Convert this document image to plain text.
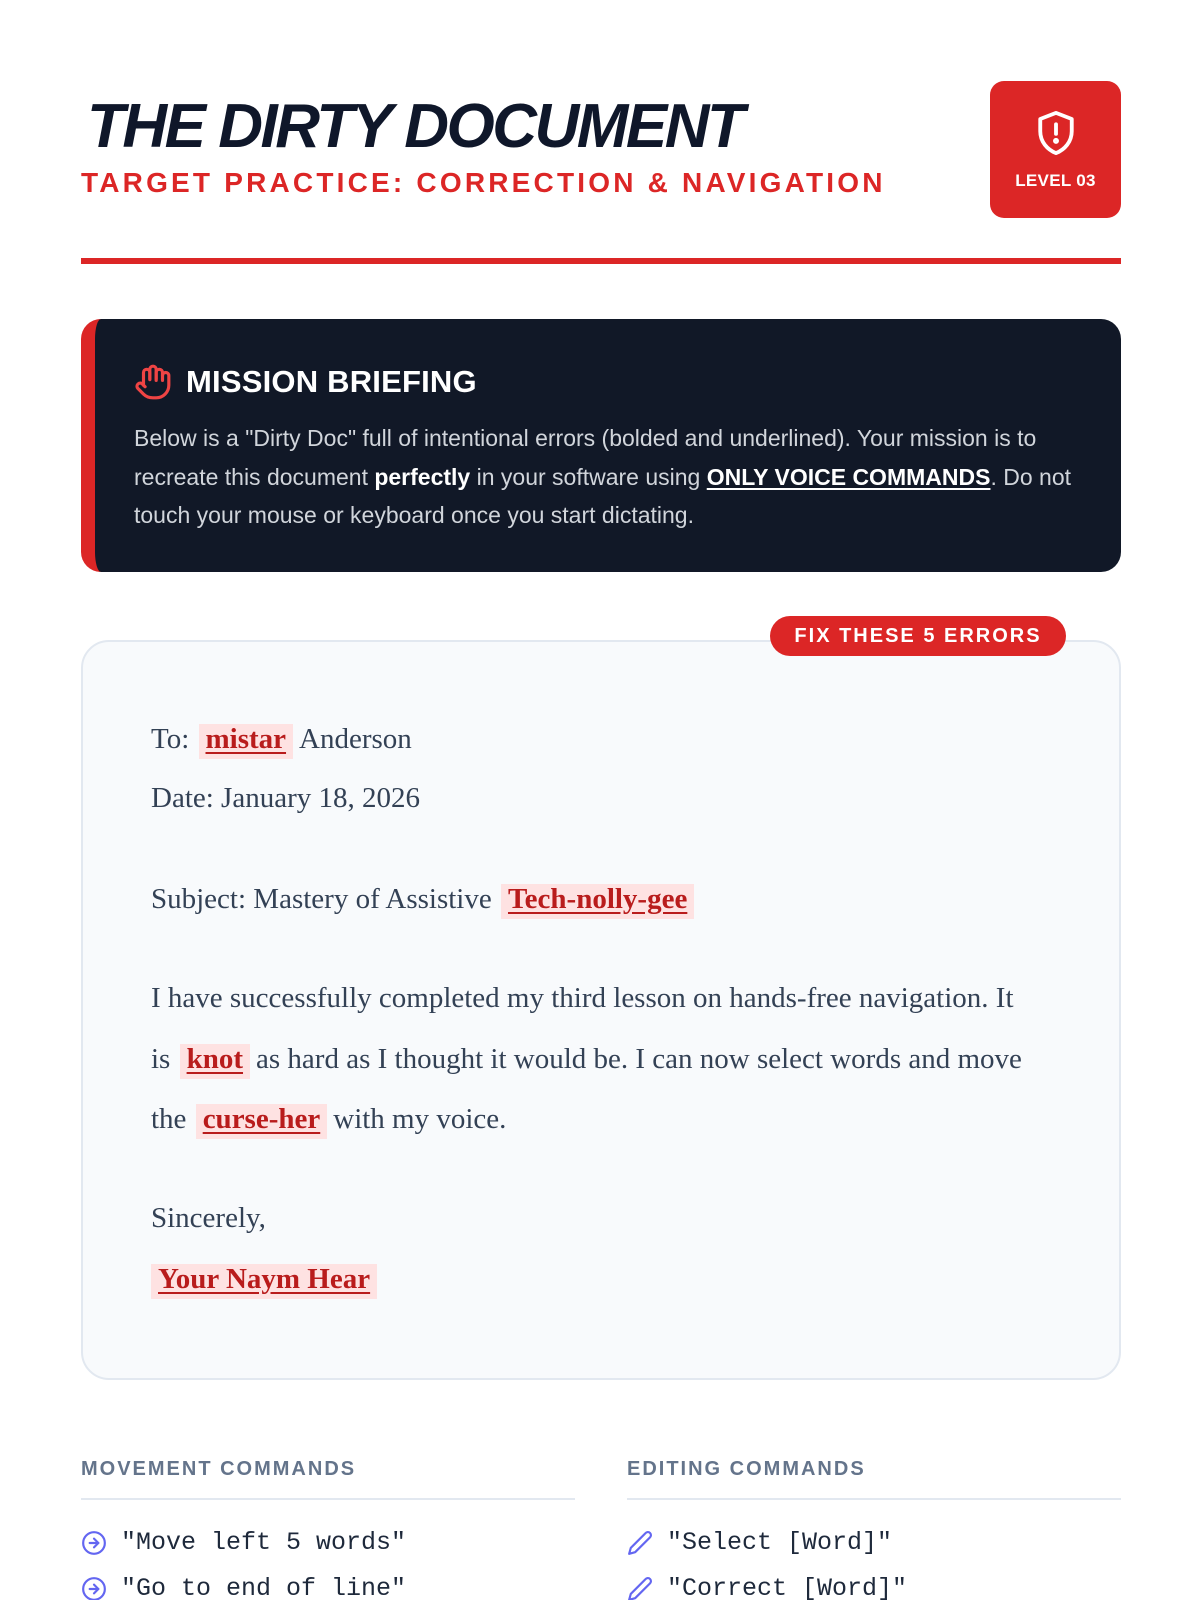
THE DIRTY DOCUMENT
TARGET PRACTICE: CORRECTION & NAVIGATION	LEVEL 03
MISSION BRIEFING
Below is a "Dirty Doc" full of intentional errors (bolded and underlined). Your mission is to recreate this document perfectly in your software using ONLY VOICE COMMANDS. Do not touch your mouse or keyboard once you start dictating.
FIX THESE 5 ERRORS
To: mistar Anderson
Date: January 18, 2026
Subject: Mastery of Assistive Tech-nolly-gee
I have successfully completed my third lesson on hands-free navigation. It
is knot as hard as I thought it would be. I can now select words and move
the curse-her with my voice.
Sincerely,
Your Naym Hear
MOVEMENT COMMANDS
"Move left 5 words"
"Go to end of line"
EDITING COMMANDS
"Select [Word]"
"Correct [Word]"
